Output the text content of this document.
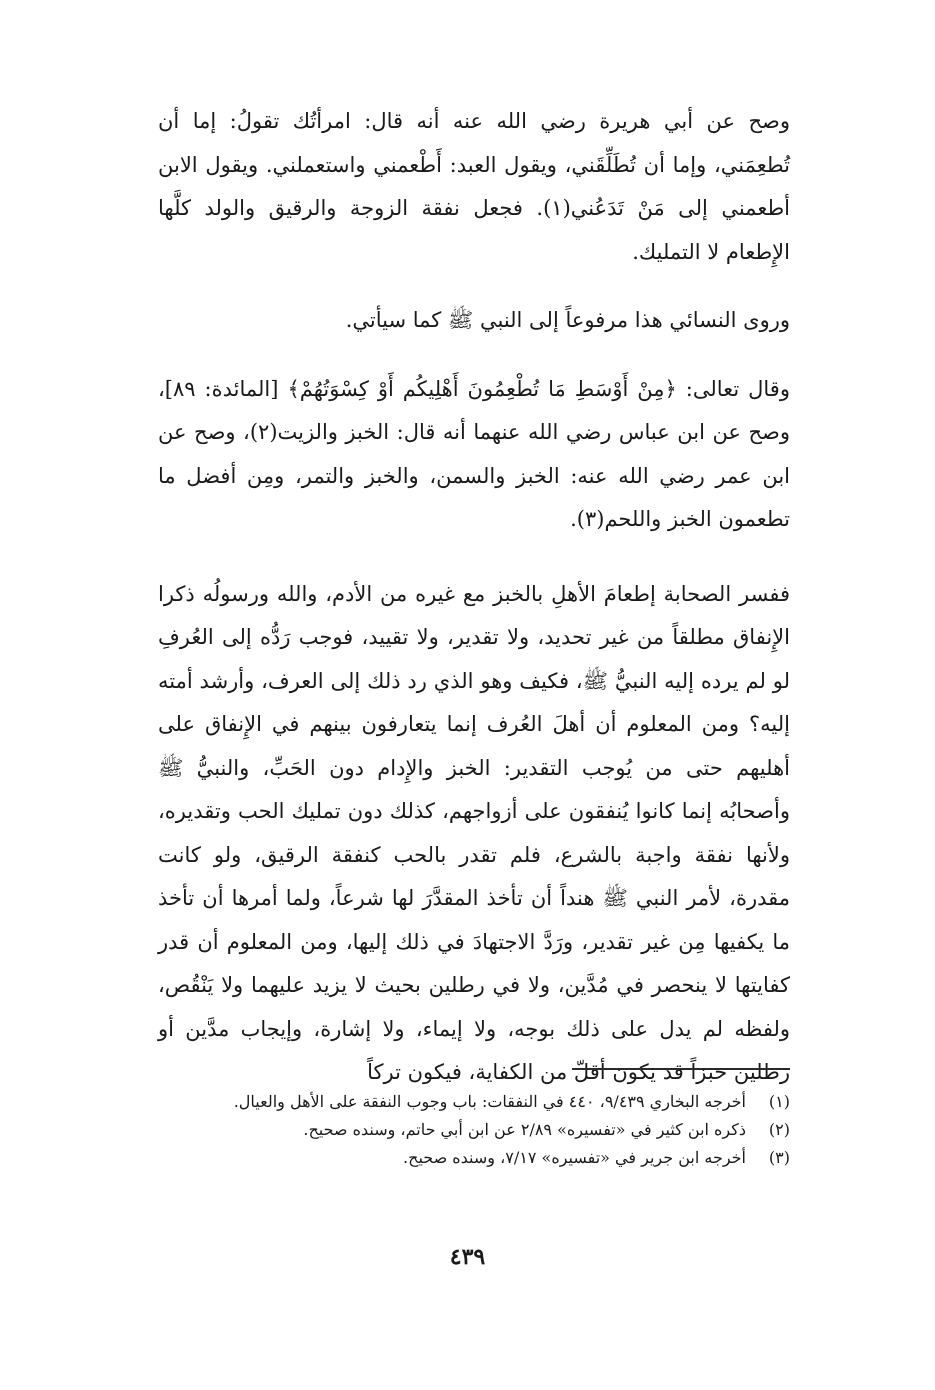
وصح عن أبي هريرة رضي الله عنه أنه قال: امرأتُك تقولُ: إما أن تُطعِمَني، وإما أن تُطَلِّقَني، ويقول العبد: أَطْعمني واستعملني. ويقول الابن أطعمني إلى مَنْ تَدَعُني(١). فجعل نفقة الزوجة والرقيق والولد كلَّها الإِطعام لا التمليك.

وروى النسائي هذا مرفوعاً إلى النبي ﷺ كما سيأتي.

وقال تعالى: ﴿مِنْ أَوْسَطِ مَا تُطْعِمُونَ أَهْلِيكُم أَوْ كِسْوَتُهُمْ﴾ [المائدة: ٨٩]، وصح عن ابن عباس رضي الله عنهما أنه قال: الخبز والزيت(٢)، وصح عن ابن عمر رضي الله عنه: الخبز والسمن، والخبز والتمر، ومِن أفضل ما تطعمون الخبز واللحم(٣).

ففسر الصحابة إطعامَ الأهلِ بالخبز مع غيره من الأدم، والله ورسولُه ذكرا الإِنفاق مطلقاً من غير تحديد، ولا تقدير، ولا تقييد، فوجب رَدُّه إلى العُرفِ لو لم يرده إليه النبيُّ ﷺ، فكيف وهو الذي رد ذلك إلى العرف، وأرشد أمته إليه؟ ومن المعلوم أن أهلَ العُرف إنما يتعارفون بينهم في الإِنفاق على أهليهم حتى من يُوجب التقدير: الخبز والإِدام دون الحَبِّ، والنبيُّ ﷺ وأصحابُه إنما كانوا يُنفقون على أزواجهم، كذلك دون تمليك الحب وتقديره، ولأنها نفقة واجبة بالشرع، فلم تقدر بالحب كنفقة الرقيق، ولو كانت مقدرة، لأمر النبي ﷺ هنداً أن تأخذ المقدَّرَ لها شرعاً، ولما أمرها أن تأخذ ما يكفيها مِن غير تقدير، ورَدَّ الاجتهادَ في ذلك إليها، ومن المعلوم أن قدر كفايتها لا ينحصر في مُدَّين، ولا في رطلين بحيث لا يزيد عليهما ولا يَنْقُص، ولفظه لم يدل على ذلك بوجه، ولا إيماء، ولا إشارة، وإيجاب مدَّين أو رطلين خبزاً قد يكون أقلّ من الكفاية، فيكون تركاً

(١)
أخرجه البخاري ٩/٤٣٩، ٤٤٠ في النفقات: باب وجوب النفقة على الأهل والعيال.
(٢)
ذكره ابن كثير في «تفسيره» ٢/٨٩ عن ابن أبي حاتم، وسنده صحيح.
(٣)
أخرجه ابن جرير في «تفسيره» ٧/١٧، وسنده صحيح.
٤٣٩
